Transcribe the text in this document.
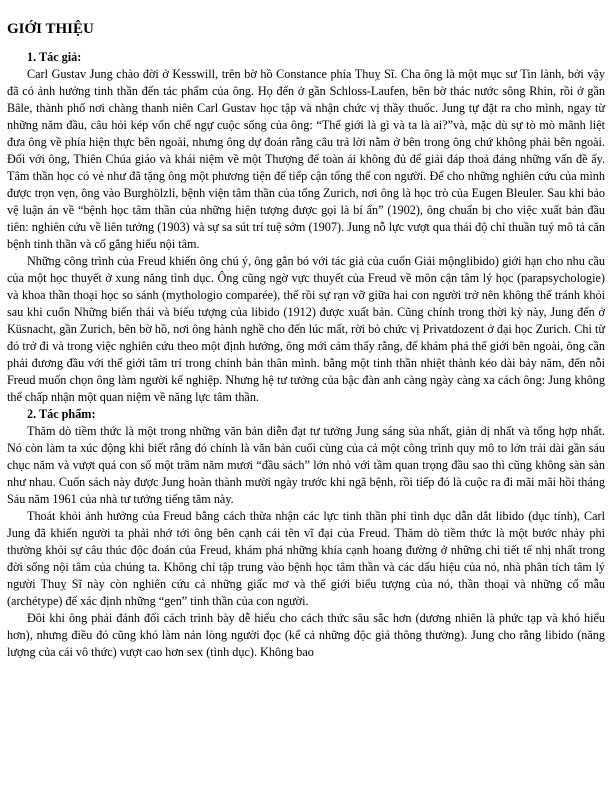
GIỚI THIỆU
1. Tác giả:

Carl Gustav Jung chào đời ở Kesswill, trên bờ hồ Constance phía Thuỵ Sĩ. Cha ông là một mục sư Tin lành, bởi vậy đã có ảnh hưởng tinh thần đến tác phẩm của ông. Họ đến ở gần Schloss-Laufen, bên bờ thác nước sông Rhin, rồi ở gần Bâle, thành phố nơi chàng thanh niên Carl Gustav học tập và nhận chức vị thầy thuốc. Jung tự đặt ra cho mình, ngay từ những năm đầu, câu hỏi kép vốn chế ngự cuộc sống của ông: “Thế giới là gì và ta là ai?”và, mặc dù sự tò mò mãnh liệt đưa ông về phía hiện thực bên ngoài, nhưng ông dự đoán rằng câu trả lời nằm ở bên trong ông chứ không phải bên ngoài. Đối với ông, Thiên Chúa giáo và khái niệm về một Thượng đế toàn ái không đủ để giải đáp thoả đáng những vấn đề ấy. Tâm thần học có vẻ như đã tặng ông một phương tiện để tiếp cận tổng thể con người. Để cho những nghiên cứu của mình được trọn vẹn, ông vào Burghölzli, bệnh viện tâm thần của tổng Zurich, nơi ông là học trò của Eugen Bleuler. Sau khi bảo vệ luận án về “bệnh học tâm thần của những hiện tượng được gọi là bí ẩn” (1902), ông chuẩn bị cho việc xuất bản đầu tiên: nghiên cứu về liên tưởng (1903) và sự sa sút trí tuệ sớm (1907). Jung nỗ lực vượt qua thái độ chỉ thuần tuý mô tả căn bệnh tinh thần và cố gắng hiểu nội tâm.

Những công trình của Freud khiến ông chú ý, ông gắn bó với tác giả của cuốn Giải mộnglibido) giới hạn cho nhu cầu của một học thuyết ở xung năng tình dục. Ông cũng ngờ vực thuyết của Freud về môn cận tâm lý học (parapsychologie) và khoa thần thoại học so sánh (mythologio comparée), thế rồi sự rạn vỡ giữa hai con người trở nên không thể tránh khỏi sau khi cuốn Những biến thái và biểu tượng của libido (1912) được xuất bản. Cũng chính trong thời kỳ này, Jung đến ở Küsnacht, gần Zurich, bên bờ hồ, nơi ông hành nghề cho đến lúc mất, rời bỏ chức vị Privatdozent ở đại học Zurich. Chỉ từ đó trở đi và trong việc nghiên cứu theo một định hướng, ông mới cảm thấy rằng, để khám phá thế giới bên ngoài, ông cần phải đương đầu với thế giới tâm trí trong chính bản thân mình. bằng một tinh thần nhiệt thành kéo dài bảy năm, đến nỗi Freud muốn chọn ông làm người kế nghiệp. Nhưng hệ tư tưởng của bậc đàn anh càng ngày càng xa cách ông: Jung không thể chấp nhận một quan niệm về năng lực tâm thần.

2. Tác phẩm:

Thăm dò tiềm thức là một trong những văn bản diễn đạt tư tưởng Jung sáng sủa nhất, giản dị nhất và tổng hợp nhất. Nó còn làm ta xúc động khi biết rằng đó chính là văn bản cuối cùng của cả một công trình quy mô to lớn trải dài gần sáu chục năm và vượt quá con số một trăm năm mươi “đầu sách” lớn nhỏ với tầm quan trọng đầu sao thì cũng không sàn sàn như nhau. Cuốn sách này được Jung hoàn thành mười ngày trước khi ngã bệnh, rồi tiếp đó là cuộc ra đi mãi mãi hồi tháng Sáu năm 1961 của nhà tư tưởng tiếng tăm này.

Thoát khỏi ảnh hưởng của Freud bằng cách thừa nhận các lực tinh thần phi tình dục dẫn dắt libido (dục tính), Carl Jung đã khiến người ta phải nhớ tới ông bên cạnh cái tên vĩ đại của Freud. Thăm dò tiềm thức là một bước nhảy phi thường khỏi sự câu thúc độc đoán của Freud, khám phá những khía cạnh hoang đường ở những chi tiết tế nhị nhất trong đời sống nội tâm của chúng ta. Không chỉ tập trung vào bệnh học tâm thần và các dấu hiệu của nó, nhà phân tích tâm lý người Thuỵ Sĩ này còn nghiên cứu cả những giấc mơ và thế giới biểu tượng của nó, thần thoại và những cổ mẫu (archétype) để xác định những “gen” tinh thần của con người.

Đôi khi ông phải đánh đổi cách trình bày dễ hiểu cho cách thức sâu sắc hơn (dương nhiên là phức tạp và khó hiểu hơn), nhưng điều đó cũng khó làm nản lòng người đọc (kể cả những độc giả thông thường). Jung cho rằng libido (năng lượng của cái vô thức) vượt cao hơn sex (tình dục). Không bao
